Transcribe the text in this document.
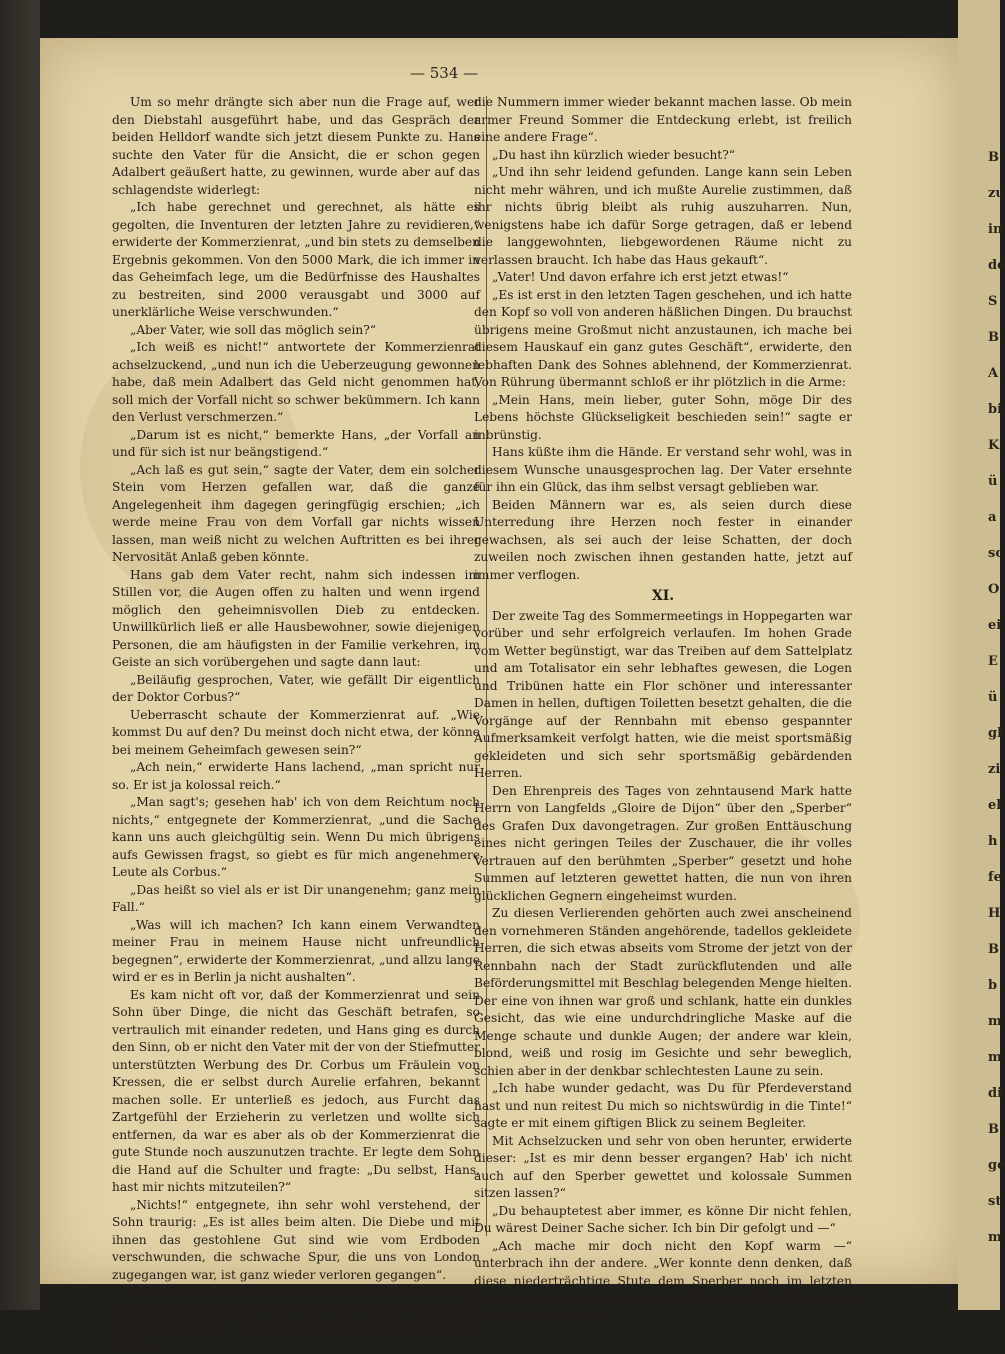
— 534 —

Um so mehr drängte sich aber nun die Frage auf, wer den Diebstahl ausgeführt habe, und das Gespräch der beiden Helldorf wandte sich jetzt diesem Punkte zu. Hans suchte den Vater für die Ansicht, die er schon gegen Adalbert geäußert hatte, zu gewinnen, wurde aber auf das schlagendste widerlegt:

„Ich habe gerechnet und gerechnet, als hätte es gegolten, die Inventuren der letzten Jahre zu revidieren,“ erwiderte der Kommerzienrat, „und bin stets zu demselben Ergebnis gekommen. Von den 5000 Mark, die ich immer in das Geheimfach lege, um die Bedürfnisse des Haushaltes zu bestreiten, sind 2000 verausgabt und 3000 auf unerklärliche Weise verschwunden.“

„Aber Vater, wie soll das möglich sein?“

„Ich weiß es nicht!“ antwortete der Kommerzienrat achselzuckend, „und nun ich die Ueberzeugung gewonnen habe, daß mein Adalbert das Geld nicht genommen hat, soll mich der Vorfall nicht so schwer bekümmern. Ich kann den Verlust verschmerzen.“

„Darum ist es nicht,“ bemerkte Hans, „der Vorfall an und für sich ist nur beängstigend.“

„Ach laß es gut sein,“ sagte der Vater, dem ein solcher Stein vom Herzen gefallen war, daß die ganze Angelegenheit ihm dagegen geringfügig erschien; „ich werde meine Frau von dem Vorfall gar nichts wissen lassen, man weiß nicht zu welchen Auftritten es bei ihrer Nervosität Anlaß geben könnte.

Hans gab dem Vater recht, nahm sich indessen im Stillen vor, die Augen offen zu halten und wenn irgend möglich den geheimnisvollen Dieb zu entdecken. Unwillkürlich ließ er alle Hausbewohner, sowie diejenigen Personen, die am häufigsten in der Familie verkehren, im Geiste an sich vorübergehen und sagte dann laut:

„Beiläufig gesprochen, Vater, wie gefällt Dir eigentlich der Doktor Corbus?“

Ueberrascht schaute der Kommerzienrat auf. „Wie kommst Du auf den? Du meinst doch nicht etwa, der könne bei meinem Geheimfach gewesen sein?“

„Ach nein,“ erwiderte Hans lachend, „man spricht nur so. Er ist ja kolossal reich.“

„Man sagt's; gesehen hab' ich von dem Reichtum noch nichts,“ entgegnete der Kommerzienrat, „und die Sache kann uns auch gleichgültig sein. Wenn Du mich übrigens aufs Gewissen fragst, so giebt es für mich angenehmere Leute als Corbus.“

„Das heißt so viel als er ist Dir unangenehm; ganz mein Fall.“

„Was will ich machen? Ich kann einem Verwandten meiner Frau in meinem Hause nicht unfreundlich begegnen“, erwiderte der Kommerzienrat, „und allzu lange wird er es in Berlin ja nicht aushalten“.

Es kam nicht oft vor, daß der Kommerzienrat und sein Sohn über Dinge, die nicht das Geschäft betrafen, so vertraulich mit einander redeten, und Hans ging es durch den Sinn, ob er nicht den Vater mit der von der Stiefmutter unterstützten Werbung des Dr. Corbus um Fräulein von Kressen, die er selbst durch Aurelie erfahren, bekannt machen solle. Er unterließ es jedoch, aus Furcht das Zartgefühl der Erzieherin zu verletzen und wollte sich entfernen, da war es aber als ob der Kommerzienrat die gute Stunde noch auszunutzen trachte. Er legte dem Sohn die Hand auf die Schulter und fragte: „Du selbst, Hans, hast mir nichts mitzuteilen?“

„Nichts!“ entgegnete, ihn sehr wohl verstehend, der Sohn traurig: „Es ist alles beim alten. Die Diebe und mit ihnen das gestohlene Gut sind wie vom Erdboden verschwunden, die schwache Spur, die uns von London zugegangen war, ist ganz wieder verloren gegangen“.

„Und dennoch bin ich der Ueberzeugung, daß die Akten zum Vorschein kommen müssen; solche Leute werden mit der Zeit keck und unvorsichtig, sie haben keine Ahnung, daß ich

die Nummern immer wieder bekannt machen lasse. Ob mein armer Freund Sommer die Entdeckung erlebt, ist freilich eine andere Frage“.

„Du hast ihn kürzlich wieder besucht?“

„Und ihn sehr leidend gefunden. Lange kann sein Leben nicht mehr währen, und ich mußte Aurelie zustimmen, daß ihr nichts übrig bleibt als ruhig auszuharren. Nun, wenigstens habe ich dafür Sorge getragen, daß er lebend die langgewohnten, liebgewordenen Räume nicht zu verlassen braucht. Ich habe das Haus gekauft“.

„Vater! Und davon erfahre ich erst jetzt etwas!“

„Es ist erst in den letzten Tagen geschehen, und ich hatte den Kopf so voll von anderen häßlichen Dingen. Du brauchst übrigens meine Großmut nicht anzustaunen, ich mache bei diesem Hauskauf ein ganz gutes Geschäft“, erwiderte, den lebhaften Dank des Sohnes ablehnend, der Kommerzienrat. Von Rührung übermannt schloß er ihr plötzlich in die Arme:

„Mein Hans, mein lieber, guter Sohn, möge Dir des Lebens höchste Glückseligkeit beschieden sein!“ sagte er inbrünstig.

Hans küßte ihm die Hände. Er verstand sehr wohl, was in diesem Wunsche unausgesprochen lag. Der Vater ersehnte für ihn ein Glück, das ihm selbst versagt geblieben war.

Beiden Männern war es, als seien durch diese Unterredung ihre Herzen noch fester in einander gewachsen, als sei auch der leise Schatten, der doch zuweilen noch zwischen ihnen gestanden hatte, jetzt auf immer verflogen.

XI.

Der zweite Tag des Sommermeetings in Hoppegarten war vorüber und sehr erfolgreich verlaufen. Im hohen Grade vom Wetter begünstigt, war das Treiben auf dem Sattelplatz und am Totalisator ein sehr lebhaftes gewesen, die Logen und Tribünen hatte ein Flor schöner und interessanter Damen in hellen, duftigen Toiletten besetzt gehalten, die die Vorgänge auf der Rennbahn mit ebenso gespannter Aufmerksamkeit verfolgt hatten, wie die meist sportsmäßig gekleideten und sich sehr sportsmäßig gebärdenden Herren.

Den Ehrenpreis des Tages von zehntausend Mark hatte Herrn von Langfelds „Gloire de Dijon“ über den „Sperber“ des Grafen Dux davongetragen. Zur großen Enttäuschung eines nicht geringen Teiles der Zuschauer, die ihr volles Vertrauen auf den berühmten „Sperber“ gesetzt und hohe Summen auf letzteren gewettet hatten, die nun von ihren glücklichen Gegnern eingeheimst wurden.

Zu diesen Verlierenden gehörten auch zwei anscheinend den vornehmeren Ständen angehörende, tadellos gekleidete Herren, die sich etwas abseits vom Strome der jetzt von der Rennbahn nach der Stadt zurückflutenden und alle Beförderungsmittel mit Beschlag belegenden Menge hielten. Der eine von ihnen war groß und schlank, hatte ein dunkles Gesicht, das wie eine undurchdringliche Maske auf die Menge schaute und dunkle Augen; der andere war klein, blond, weiß und rosig im Gesichte und sehr beweglich, schien aber in der denkbar schlechtesten Laune zu sein.

„Ich habe wunder gedacht, was Du für Pferdeverstand hast und nun reitest Du mich so nichtswürdig in die Tinte!“ sagte er mit einem giftigen Blick zu seinem Begleiter.

Mit Achselzucken und sehr von oben herunter, erwiderte dieser: „Ist es mir denn besser ergangen? Hab' ich nicht auch auf den Sperber gewettet und kolossale Summen sitzen lassen?“

„Du behauptetest aber immer, es könne Dir nicht fehlen, Du wärest Deiner Sache sicher. Ich bin Dir gefolgt und —“

„Ach mache mir doch nicht den Kopf warm —“ unterbrach ihn der andere. „Wer konnte denn denken, daß diese niederträchtige Stute dem Sperber noch im letzten Augenblick den Sieg streitig machen würde. Es ist ein schauderhaftes Pech“.

B
zu
in
de
S
B
A
bi
K
ü
a
sc
O
ei
E
ü
gl
zi
el
h
fe
H
B
b
m
m
di
B
ge
st
m
